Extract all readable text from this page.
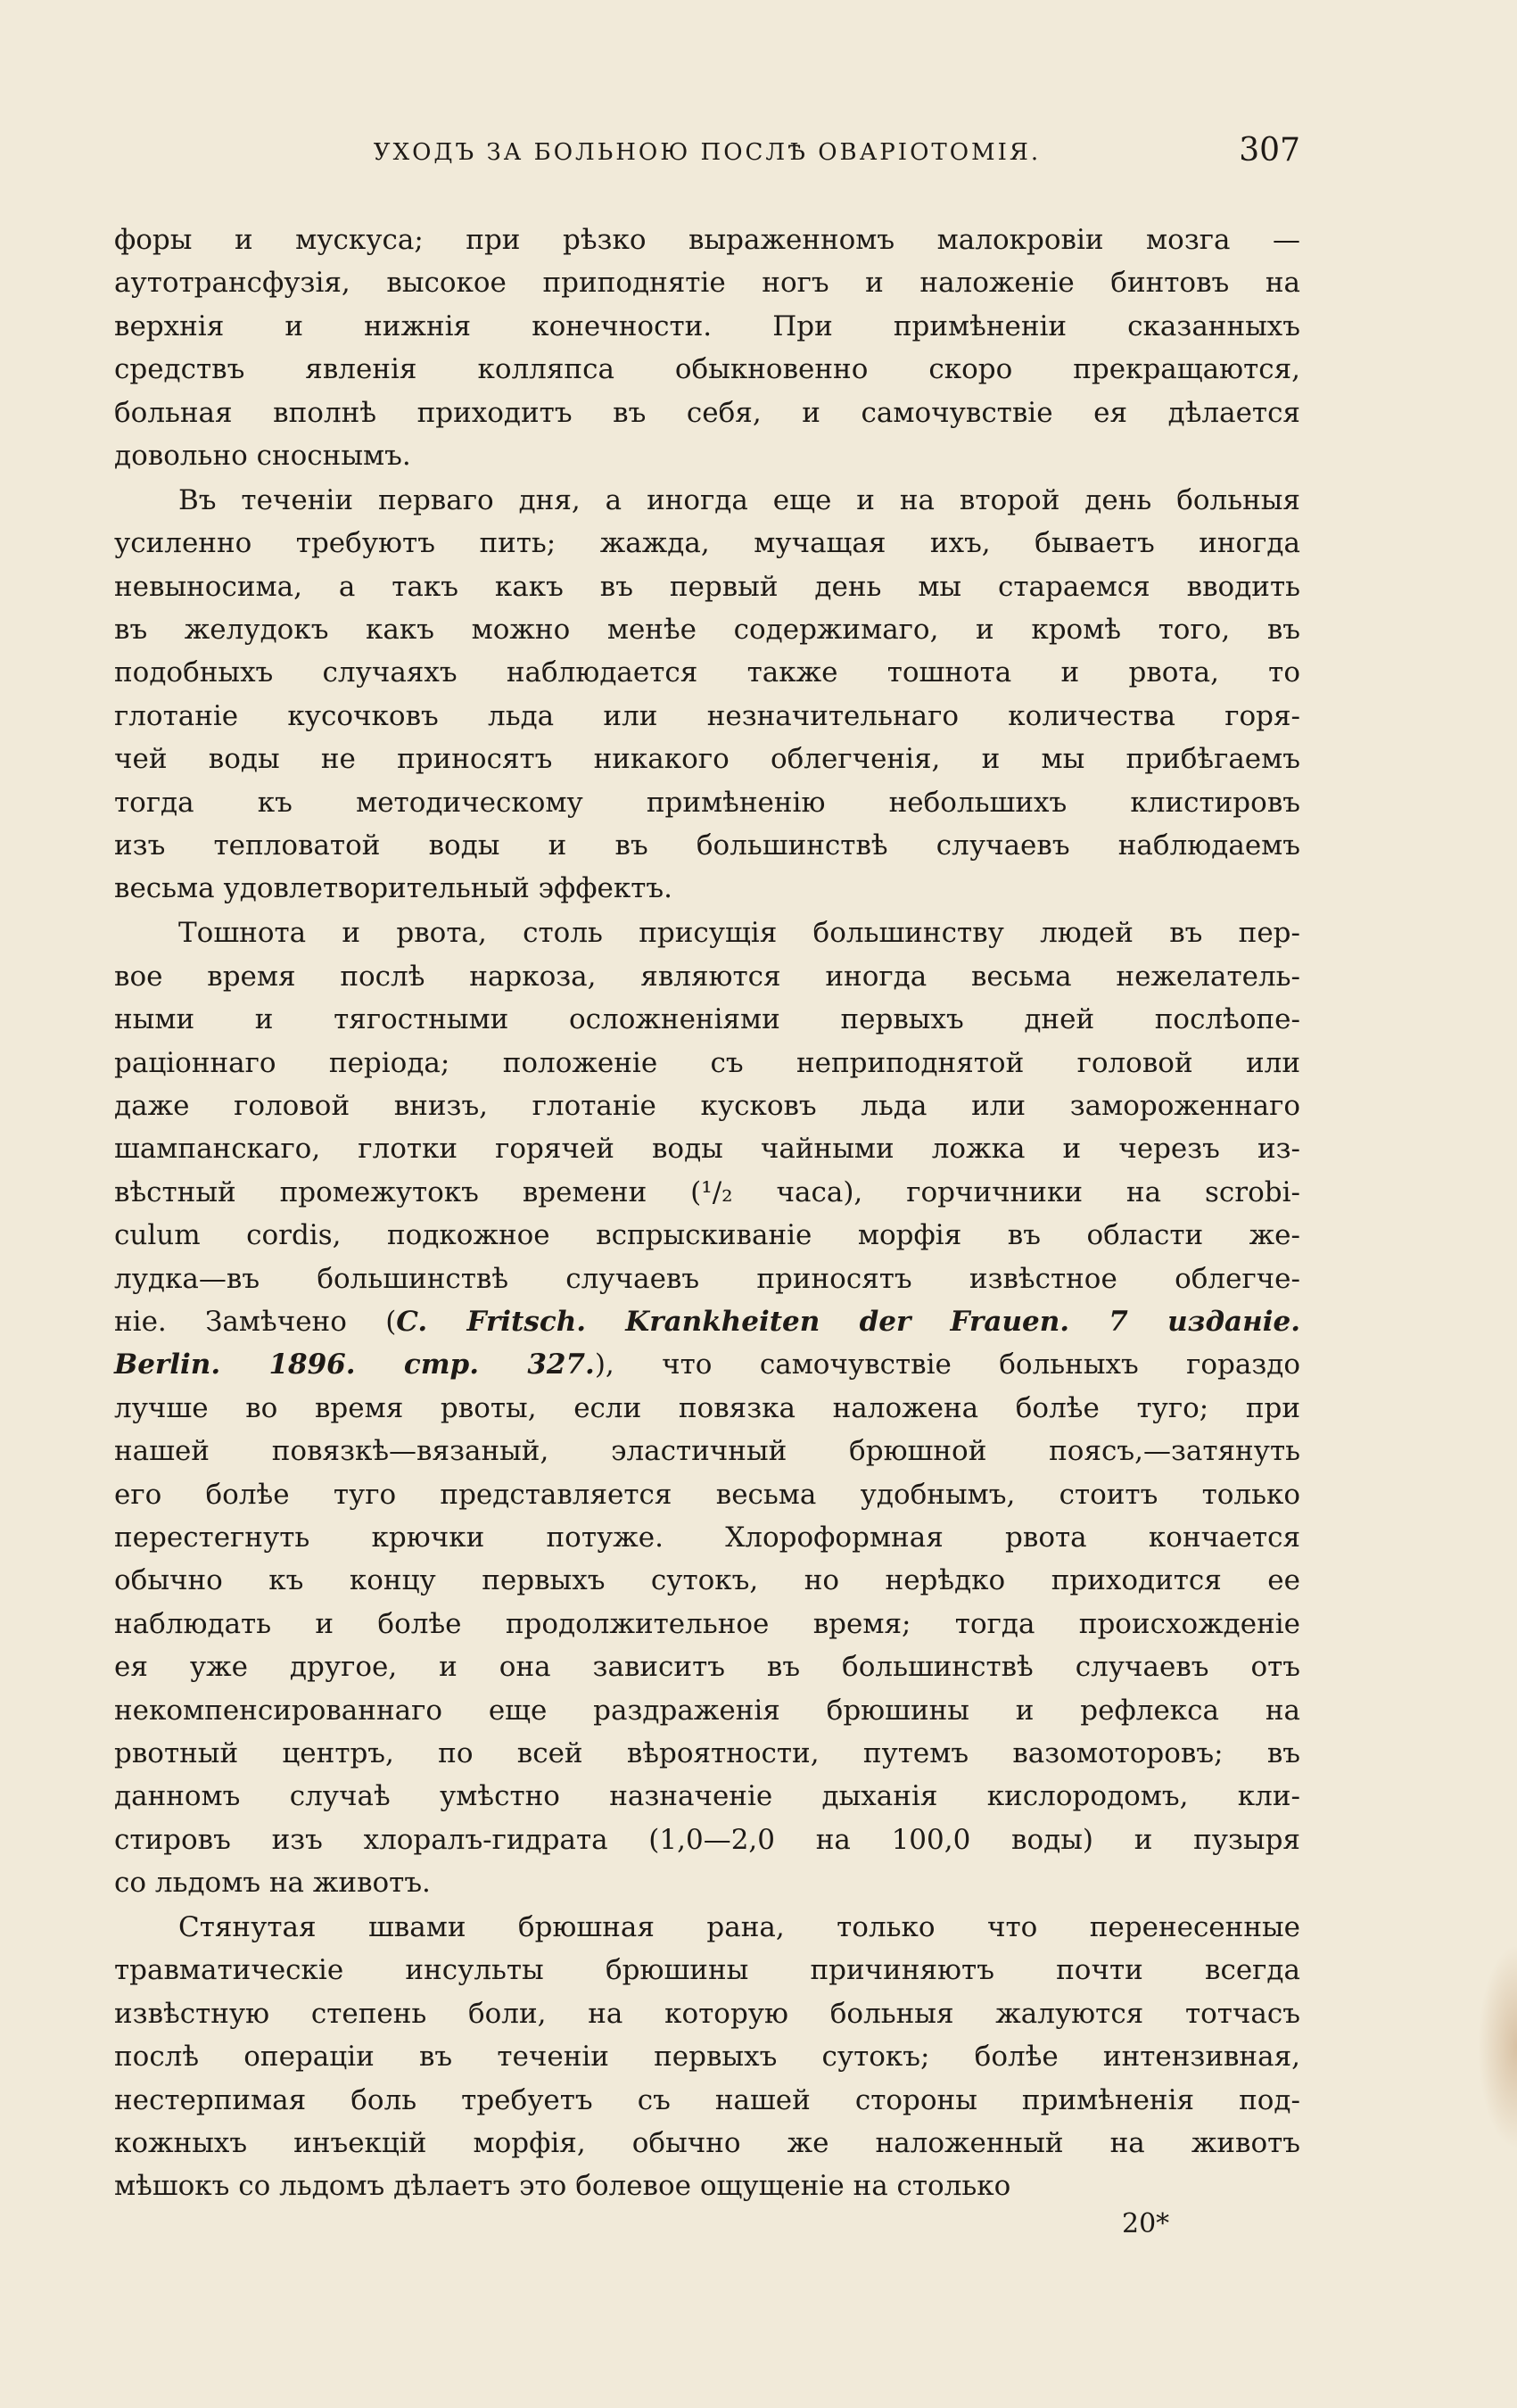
УХОДЪ ЗА БОЛЬНОЮ ПОСЛѢ ОВАРІОТОМІЯ.	307

форы и мускуса; при рѣзко выраженномъ малокровіи мозга —
аутотрансфузія, высокое приподнятіе ногъ и наложеніе бинтовъ на
верхнія и нижнія конечности. При примѣненіи сказанныхъ
средствъ явленія колляпса обыкновенно скоро прекращаются,
больная вполнѣ приходитъ въ себя, и самочувствіе ея дѣлается
довольно сноснымъ.

Въ теченіи перваго дня, а иногда еще и на второй день больныя
усиленно требуютъ пить; жажда, мучащая ихъ, бываетъ иногда
невыносима, а такъ какъ въ первый день мы стараемся вводить
въ желудокъ какъ можно менѣе содержимаго, и кромѣ того, въ
подобныхъ случаяхъ наблюдается также тошнота и рвота, то
глотаніе кусочковъ льда или незначительнаго количества горя-
чей воды не приносятъ никакого облегченія, и мы прибѣгаемъ
тогда къ методическому примѣненію небольшихъ клистировъ
изъ тепловатой воды и въ большинствѣ случаевъ наблюдаемъ
весьма удовлетворительный эффектъ.

Тошнота и рвота, столь присущія большинству людей въ пер-
вое время послѣ наркоза, являются иногда весьма нежелатель-
ными и тягостными осложненіями первыхъ дней послѣопе-
раціоннаго періода; положеніе съ неприподнятой головой или
даже головой внизъ, глотаніе кусковъ льда или замороженнаго
шампанскаго, глотки горячей воды чайными ложка и черезъ из-
вѣстный промежутокъ времени (¹/₂ часа), горчичники на scrobi-
culum cordis, подкожное вспрыскиваніе морфія въ области же-
лудка—въ большинствѣ случаевъ приносятъ извѣстное облегче-
ніе. Замѣчено (C. Fritsch. Krankheiten der Frauen. 7 изданіе.
Berlin. 1896. стр. 327.), что самочувствіе больныхъ гораздо
лучше во время рвоты, если повязка наложена болѣе туго; при
нашей повязкѣ—вязаный, эластичный брюшной поясъ,—затянуть
его болѣе туго представляется весьма удобнымъ, стоитъ только
перестегнуть крючки потуже. Хлороформная рвота кончается
обычно къ концу первыхъ сутокъ, но нерѣдко приходится ее
наблюдать и болѣе продолжительное время; тогда происхожденіе
ея уже другое, и она зависитъ въ большинствѣ случаевъ отъ
некомпенсированнаго еще раздраженія брюшины и рефлекса на
рвотный центръ, по всей вѣроятности, путемъ вазомоторовъ; въ
данномъ случаѣ умѣстно назначеніе дыханія кислородомъ, кли-
стировъ изъ хлоралъ-гидрата (1,0—2,0 на 100,0 воды) и пузыря
со льдомъ на животъ.

Стянутая швами брюшная рана, только что перенесенные
травматическіе инсульты брюшины причиняютъ почти всегда
извѣстную степень боли, на которую больныя жалуются тотчасъ
послѣ операціи въ теченіи первыхъ сутокъ; болѣе интензивная,
нестерпимая боль требуетъ съ нашей стороны примѣненія под-
кожныхъ инъекцій морфія, обычно же наложенный на животъ
мѣшокъ со льдомъ дѣлаетъ это болевое ощущеніе на столько

20*
